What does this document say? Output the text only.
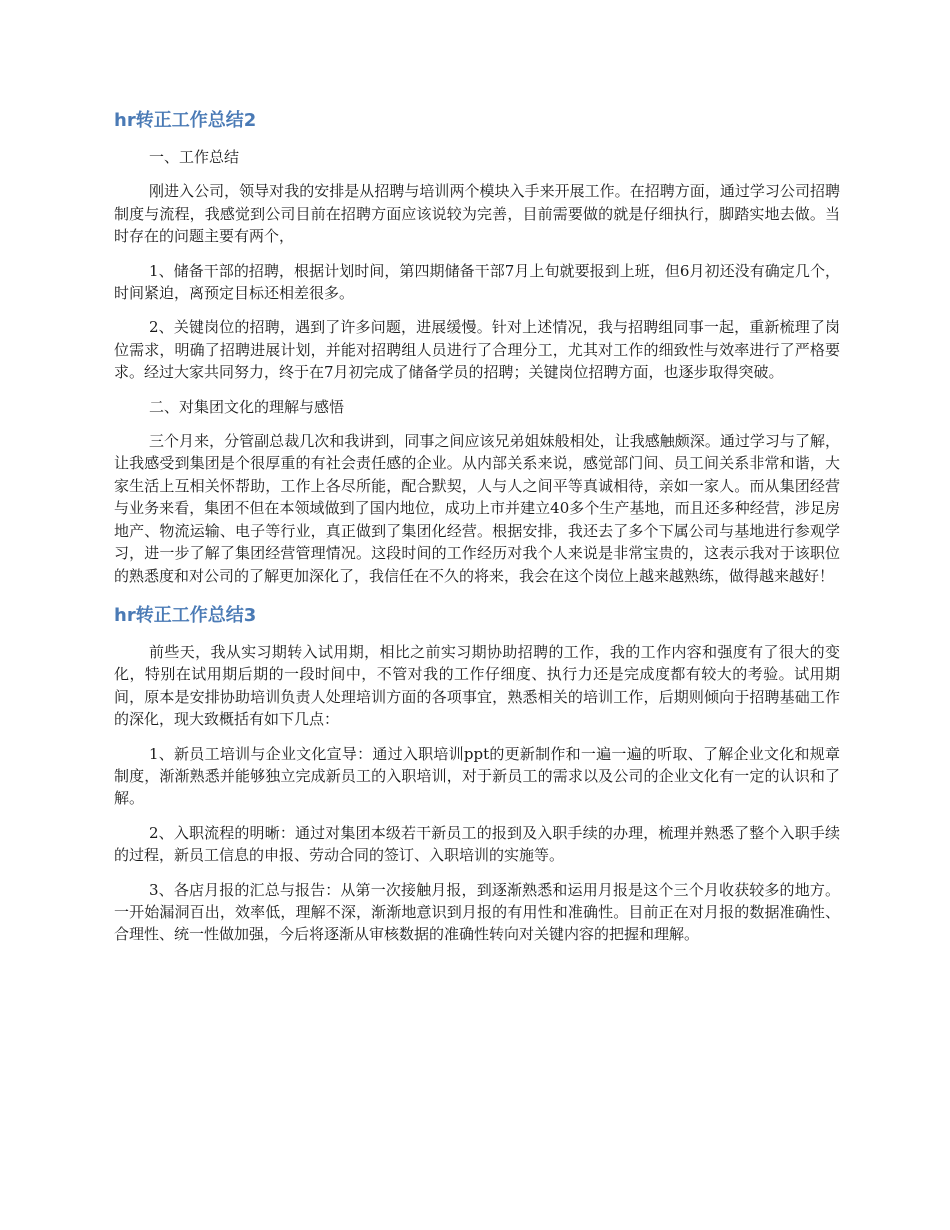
hr转正工作总结2

一、工作总结

刚进入公司，领导对我的安排是从招聘与培训两个模块入手来开展工作。在招聘方面，通过学习公司招聘制度与流程，我感觉到公司目前在招聘方面应该说较为完善，目前需要做的就是仔细执行，脚踏实地去做。当时存在的问题主要有两个，

1、储备干部的招聘，根据计划时间，第四期储备干部7月上旬就要报到上班，但6月初还没有确定几个，时间紧迫，离预定目标还相差很多。

2、关键岗位的招聘，遇到了许多问题，进展缓慢。针对上述情况，我与招聘组同事一起，重新梳理了岗位需求，明确了招聘进展计划，并能对招聘组人员进行了合理分工，尤其对工作的细致性与效率进行了严格要求。经过大家共同努力，终于在7月初完成了储备学员的招聘；关键岗位招聘方面，也逐步取得突破。

二、对集团文化的理解与感悟

三个月来，分管副总裁几次和我讲到，同事之间应该兄弟姐妹般相处，让我感触颇深。通过学习与了解，让我感受到集团是个很厚重的有社会责任感的企业。从内部关系来说，感觉部门间、员工间关系非常和谐，大家生活上互相关怀帮助，工作上各尽所能，配合默契，人与人之间平等真诚相待，亲如一家人。而从集团经营与业务来看，集团不但在本领域做到了国内地位，成功上市并建立40多个生产基地，而且还多种经营，涉足房地产、物流运输、电子等行业，真正做到了集团化经营。根据安排，我还去了多个下属公司与基地进行参观学习，进一步了解了集团经营管理情况。这段时间的工作经历对我个人来说是非常宝贵的，这表示我对于该职位的熟悉度和对公司的了解更加深化了，我信任在不久的将来，我会在这个岗位上越来越熟练，做得越来越好！

hr转正工作总结3

前些天，我从实习期转入试用期，相比之前实习期协助招聘的工作，我的工作内容和强度有了很大的变化，特别在试用期后期的一段时间中，不管对我的工作仔细度、执行力还是完成度都有较大的考验。试用期间，原本是安排协助培训负责人处理培训方面的各项事宜，熟悉相关的培训工作，后期则倾向于招聘基础工作的深化，现大致概括有如下几点：

1、新员工培训与企业文化宣导：通过入职培训ppt的更新制作和一遍一遍的听取、了解企业文化和规章制度，渐渐熟悉并能够独立完成新员工的入职培训，对于新员工的需求以及公司的企业文化有一定的认识和了解。

2、入职流程的明晰：通过对集团本级若干新员工的报到及入职手续的办理，梳理并熟悉了整个入职手续的过程，新员工信息的申报、劳动合同的签订、入职培训的实施等。

3、各店月报的汇总与报告：从第一次接触月报，到逐渐熟悉和运用月报是这个三个月收获较多的地方。一开始漏洞百出，效率低，理解不深，渐渐地意识到月报的有用性和准确性。目前正在对月报的数据准确性、合理性、统一性做加强，今后将逐渐从审核数据的准确性转向对关键内容的把握和理解。
